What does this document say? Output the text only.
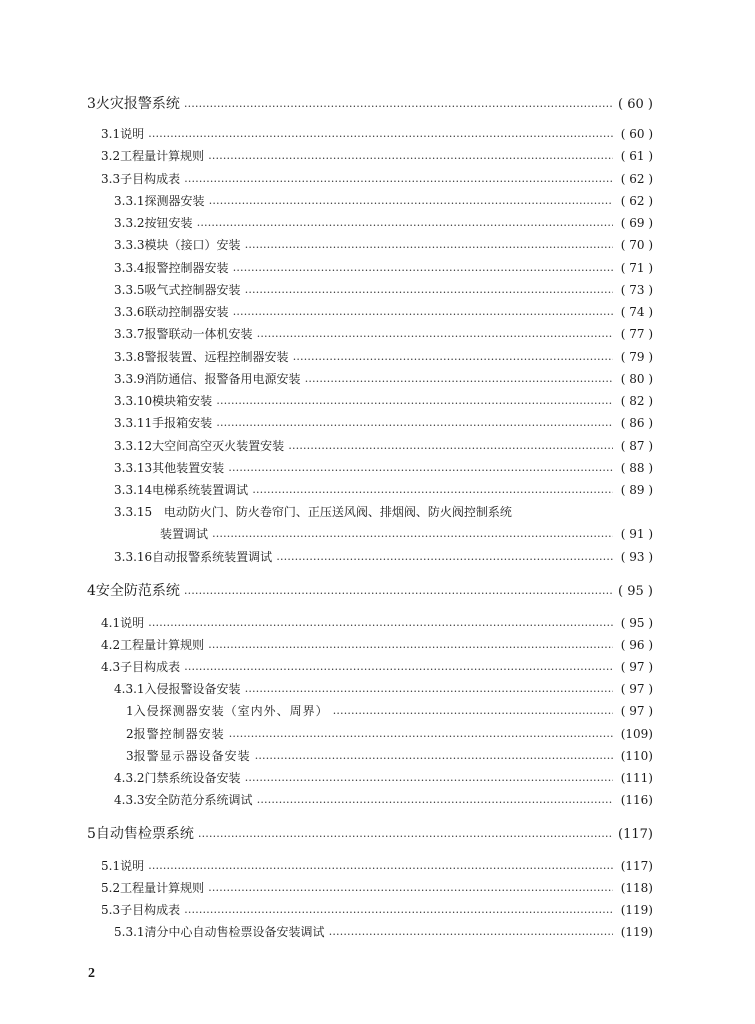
3 火灾报警系统 ………………………………………………………………………………………………………………………………………………………………………………………………………………………………………………………………………………………	( 60 )
3.1 说明 ………………………………………………………………………………………………………………………………………………………………………………………………………………………………………………………………………………………	( 60 )
3.2 工程量计算规则 ………………………………………………………………………………………………………………………………………………………………………………………………………………………………………………………………………………………	( 61 )
3.3 子目构成表 ………………………………………………………………………………………………………………………………………………………………………………………………………………………………………………………………………………………	( 62 )
3.3.1 探测器安装 ………………………………………………………………………………………………………………………………………………………………………………………………………………………………………………………………………………………	( 62 )
3.3.2 按钮安装 ………………………………………………………………………………………………………………………………………………………………………………………………………………………………………………………………………………………	( 69 )
3.3.3 模块（接口）安装 ………………………………………………………………………………………………………………………………………………………………………………………………………………………………………………………………………………………	( 70 )
3.3.4 报警控制器安装 ………………………………………………………………………………………………………………………………………………………………………………………………………………………………………………………………………………………	( 71 )
3.3.5 吸气式控制器安装 ………………………………………………………………………………………………………………………………………………………………………………………………………………………………………………………………………………………	( 73 )
3.3.6 联动控制器安装 ………………………………………………………………………………………………………………………………………………………………………………………………………………………………………………………………………………………	( 74 )
3.3.7 报警联动一体机安装 ………………………………………………………………………………………………………………………………………………………………………………………………………………………………………………………………………………………	( 77 )
3.3.8 警报装置、远程控制器安装 ………………………………………………………………………………………………………………………………………………………………………………………………………………………………………………………………………………………	( 79 )
3.3.9 消防通信、报警备用电源安装 ………………………………………………………………………………………………………………………………………………………………………………………………………………………………………………………………………………………	( 80 )
3.3.10 模块箱安装 ………………………………………………………………………………………………………………………………………………………………………………………………………………………………………………………………………………………	( 82 )
3.3.11 手报箱安装 ………………………………………………………………………………………………………………………………………………………………………………………………………………………………………………………………………………………	( 86 )
3.3.12 大空间高空灭火装置安装 ………………………………………………………………………………………………………………………………………………………………………………………………………………………………………………………………………………………	( 87 )
3.3.13 其他装置安装 ………………………………………………………………………………………………………………………………………………………………………………………………………………………………………………………………………………………	( 88 )
3.3.14 电梯系统装置调试 ………………………………………………………………………………………………………………………………………………………………………………………………………………………………………………………………………………………	( 89 )
3.3.15 电动防火门、防火卷帘门、正压送风阀、排烟阀、防火阀控制系统
装置调试 ………………………………………………………………………………………………………………………………………………………………………………………………………………………………………………………………………………………	( 91 )
3.3.16 自动报警系统装置调试 ………………………………………………………………………………………………………………………………………………………………………………………………………………………………………………………………………………………	( 93 )
4 安全防范系统 ………………………………………………………………………………………………………………………………………………………………………………………………………………………………………………………………………………………	( 95 )
4.1 说明 ………………………………………………………………………………………………………………………………………………………………………………………………………………………………………………………………………………………	( 95 )
4.2 工程量计算规则 ………………………………………………………………………………………………………………………………………………………………………………………………………………………………………………………………………………………	( 96 )
4.3 子目构成表 ………………………………………………………………………………………………………………………………………………………………………………………………………………………………………………………………………………………	( 97 )
4.3.1 入侵报警设备安装 ………………………………………………………………………………………………………………………………………………………………………………………………………………………………………………………………………………………	( 97 )
1 入侵探测器安装（室内外、周界） ………………………………………………………………………………………………………………………………………………………………………………………………………………………………………………………………………………………	( 97 )
2 报警控制器安装 ………………………………………………………………………………………………………………………………………………………………………………………………………………………………………………………………………………………	(109)
3 报警显示器设备安装 ………………………………………………………………………………………………………………………………………………………………………………………………………………………………………………………………………………………	(110)
4.3.2 门禁系统设备安装 ………………………………………………………………………………………………………………………………………………………………………………………………………………………………………………………………………………………	(111)
4.3.3 安全防范分系统调试 ………………………………………………………………………………………………………………………………………………………………………………………………………………………………………………………………………………………	(116)
5 自动售检票系统 ………………………………………………………………………………………………………………………………………………………………………………………………………………………………………………………………………………………	(117)
5.1 说明 ………………………………………………………………………………………………………………………………………………………………………………………………………………………………………………………………………………………	(117)
5.2 工程量计算规则 ………………………………………………………………………………………………………………………………………………………………………………………………………………………………………………………………………………………	(118)
5.3 子目构成表 ………………………………………………………………………………………………………………………………………………………………………………………………………………………………………………………………………………………	(119)
5.3.1 清分中心自动售检票设备安装调试 ………………………………………………………………………………………………………………………………………………………………………………………………………………………………………………………………………………………	(119)
2
